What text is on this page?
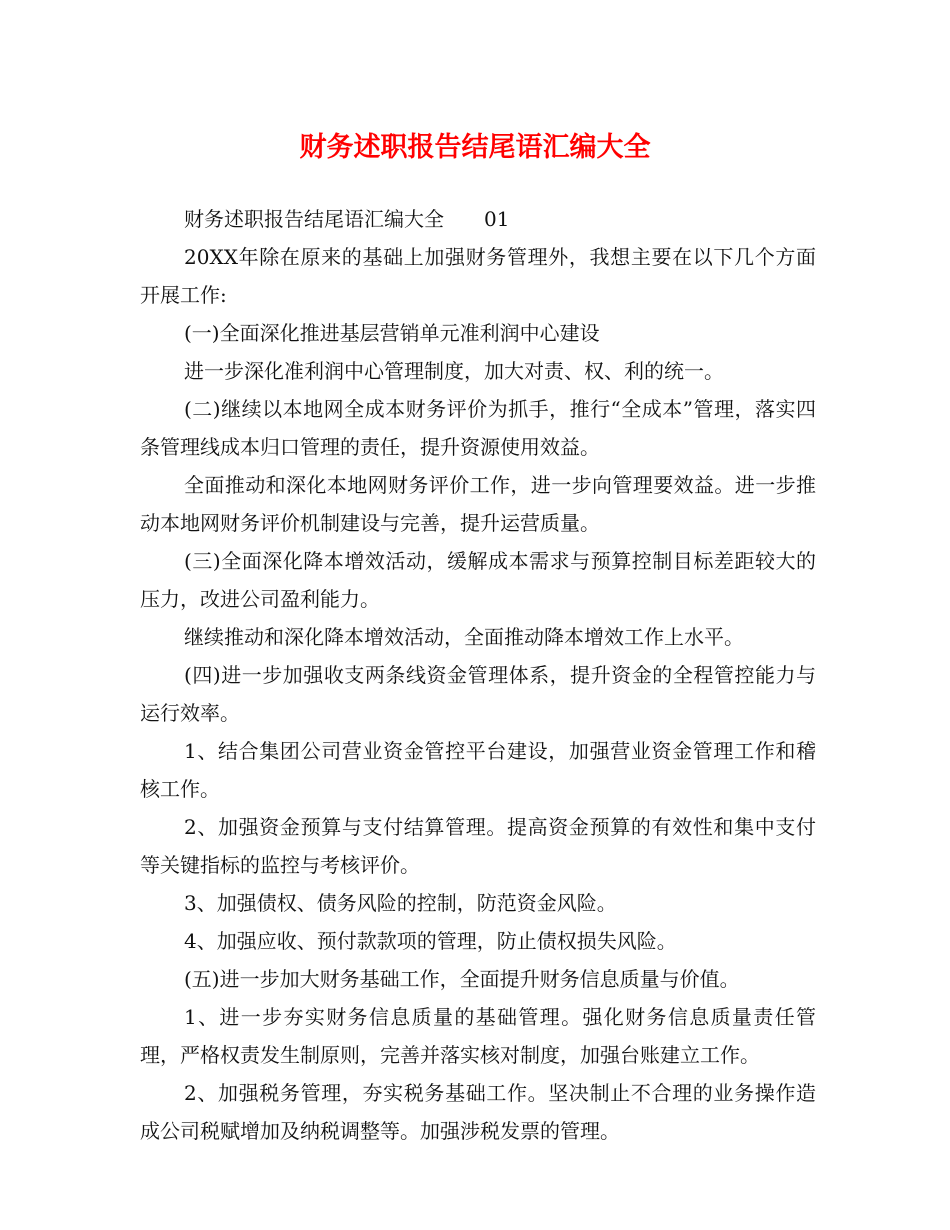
财务述职报告结尾语汇编大全

财务述职报告结尾语汇编大全　　01

20XX年除在原来的基础上加强财务管理外，我想主要在以下几个方面开展工作:

(一)全面深化推进基层营销单元准利润中心建设

进一步深化准利润中心管理制度，加大对责、权、利的统一。

(二)继续以本地网全成本财务评价为抓手，推行“全成本”管理，落实四条管理线成本归口管理的责任，提升资源使用效益。

全面推动和深化本地网财务评价工作，进一步向管理要效益。进一步推动本地网财务评价机制建设与完善，提升运营质量。

(三)全面深化降本增效活动，缓解成本需求与预算控制目标差距较大的压力，改进公司盈利能力。

继续推动和深化降本增效活动，全面推动降本增效工作上水平。

(四)进一步加强收支两条线资金管理体系，提升资金的全程管控能力与运行效率。

1、结合集团公司营业资金管控平台建设，加强营业资金管理工作和稽核工作。

2、加强资金预算与支付结算管理。提高资金预算的有效性和集中支付等关键指标的监控与考核评价。

3、加强债权、债务风险的控制，防范资金风险。

4、加强应收、预付款款项的管理，防止债权损失风险。

(五)进一步加大财务基础工作，全面提升财务信息质量与价值。

1、进一步夯实财务信息质量的基础管理。强化财务信息质量责任管理，严格权责发生制原则，完善并落实核对制度，加强台账建立工作。

2、加强税务管理，夯实税务基础工作。坚决制止不合理的业务操作造成公司税赋增加及纳税调整等。加强涉税发票的管理。
